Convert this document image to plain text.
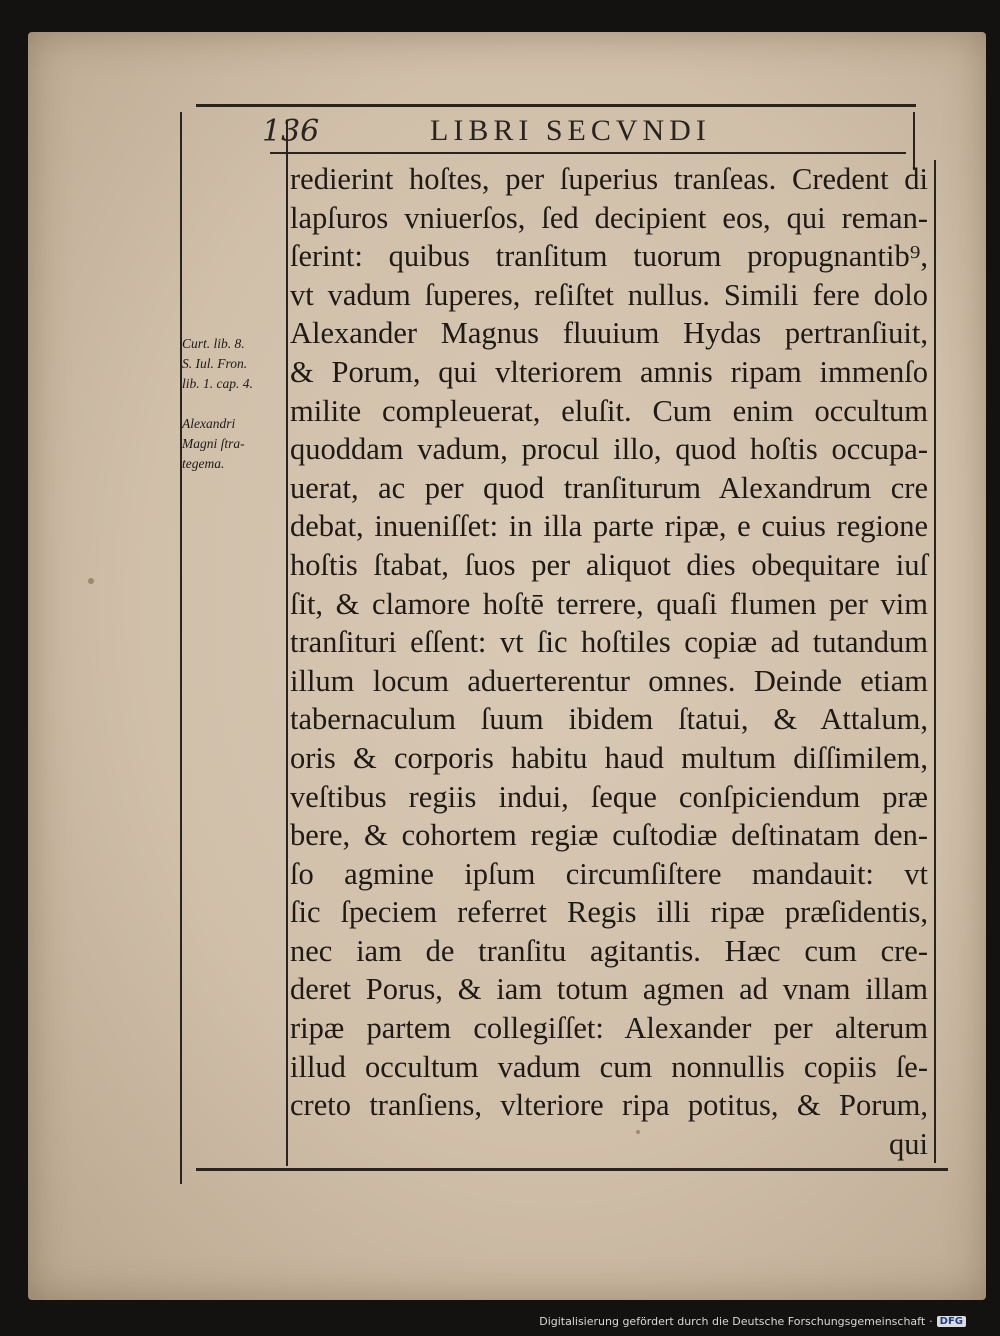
136	LIBRI SECVNDI
Curt. lib. 8.
S. Iul. Fron.
lib. 1. cap. 4.
Alexandri
Magni ſtra-
tegema.
redierint hoſtes, per ſuperius tranſeas. Credent di
lapſuros vniuerſos, ſed decipient eos, qui reman-
ſerint: quibus tranſitum tuorum propugnantib⁹,
vt vadum ſuperes, reſiſtet nullus. Simili fere dolo
Alexander Magnus fluuium Hydas pertranſiuit,
& Porum, qui vlteriorem amnis ripam immenſo
milite compleuerat, eluſit. Cum enim occultum
quoddam vadum, procul illo, quod hoſtis occupa-
uerat, ac per quod tranſiturum Alexandrum cre
debat, inueniſſet: in illa parte ripæ, e cuius regione
hoſtis ſtabat, ſuos per aliquot dies obequitare iuſ
ſit, & clamore hoſtē terrere, quaſi flumen per vim
tranſituri eſſent: vt ſic hoſtiles copiæ ad tutandum
illum locum aduerterentur omnes. Deinde etiam
tabernaculum ſuum ibidem ſtatui, & Attalum,
oris & corporis habitu haud multum diſſimilem,
veſtibus regiis indui, ſeque conſpiciendum præ
bere, & cohortem regiæ cuſtodiæ deſtinatam den-
ſo agmine ipſum circumſiſtere mandauit: vt
ſic ſpeciem referret Regis illi ripæ præſidentis,
nec iam de tranſitu agitantis. Hæc cum cre-
deret Porus, & iam totum agmen ad vnam illam
ripæ partem collegiſſet: Alexander per alterum
illud occultum vadum cum nonnullis copiis ſe-
creto tranſiens, vlteriore ripa potitus, & Porum,
qui
Digitalisierung gefördert durch die Deutsche Forschungsgemeinschaft · DFG
